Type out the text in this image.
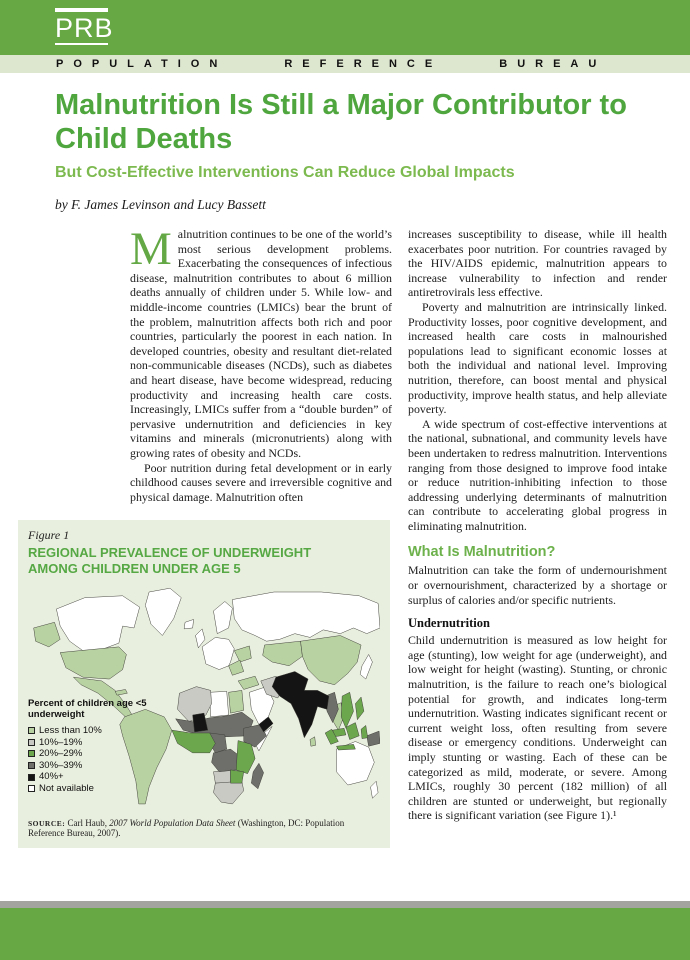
PRB
POPULATION REFERENCE BUREAU
Malnutrition Is Still a Major Contributor to Child Deaths
But Cost-Effective Interventions Can Reduce Global Impacts
by F. James Levinson and Lucy Bassett

Malnutrition continues to be one of the world’s most serious development problems. Exacerbating the consequences of infectious disease, malnutrition contributes to about 6 million deaths annually of children under 5. While low- and middle-income countries (LMICs) bear the brunt of the problem, malnutrition affects both rich and poor countries, particularly the poorest in each nation. In developed countries, obesity and resultant diet-related non-communicable diseases (NCDs), such as diabetes and heart disease, have become widespread, reducing productivity and increasing health care costs. Increasingly, LMICs suffer from a “double burden” of pervasive undernutrition and deficiencies in key vitamins and minerals (micronutrients) along with growing rates of obesity and NCDs.

Poor nutrition during fetal development or in early childhood causes severe and irreversible cognitive and physical damage. Malnutrition often

increases susceptibility to disease, while ill health exacerbates poor nutrition. For countries ravaged by the HIV/AIDS epidemic, malnutrition appears to increase vulnerability to infection and render antiretrovirals less effective.

Poverty and malnutrition are intrinsically linked. Productivity losses, poor cognitive development, and increased health care costs in malnourished populations lead to significant economic losses at both the individual and national level. Improving nutrition, therefore, can boost mental and physical productivity, improve health status, and help alleviate poverty.

A wide spectrum of cost-effective interventions at the national, subnational, and community levels have been undertaken to redress malnutrition. Interventions ranging from those designed to improve food intake or reduce nutrition-inhibiting infection to those addressing underlying determinants of malnutrition can contribute to accelerating global progress in eliminating malnutrition.

What Is Malnutrition?

Malnutrition can take the form of undernourishment or overnourishment, characterized by a shortage or surplus of calories and/or specific nutrients.

Undernutrition

Child undernutrition is measured as low height for age (stunting), low weight for age (underweight), and low weight for height (wasting). Stunting, or chronic malnutrition, is the failure to reach one’s biological potential for growth, and indicates long-term undernutrition. Wasting indicates significant recent or current weight loss, often resulting from severe disease or emergency conditions. Underweight can imply stunting or wasting. Each of these can be categorized as mild, moderate, or severe. Among LMICs, roughly 30 percent (182 million) of all children are stunted or underweight, but regionally there is significant variation (see Figure 1).¹

Figure 1
REGIONAL PREVALENCE OF UNDERWEIGHT AMONG CHILDREN UNDER AGE 5
Percent of children age <5 underweight
Less than 10%
10%–19%
20%–29%
30%–39%
40%+
Not available
SOURCE: Carl Haub, 2007 World Population Data Sheet (Washington, DC: Population Reference Bureau, 2007).
